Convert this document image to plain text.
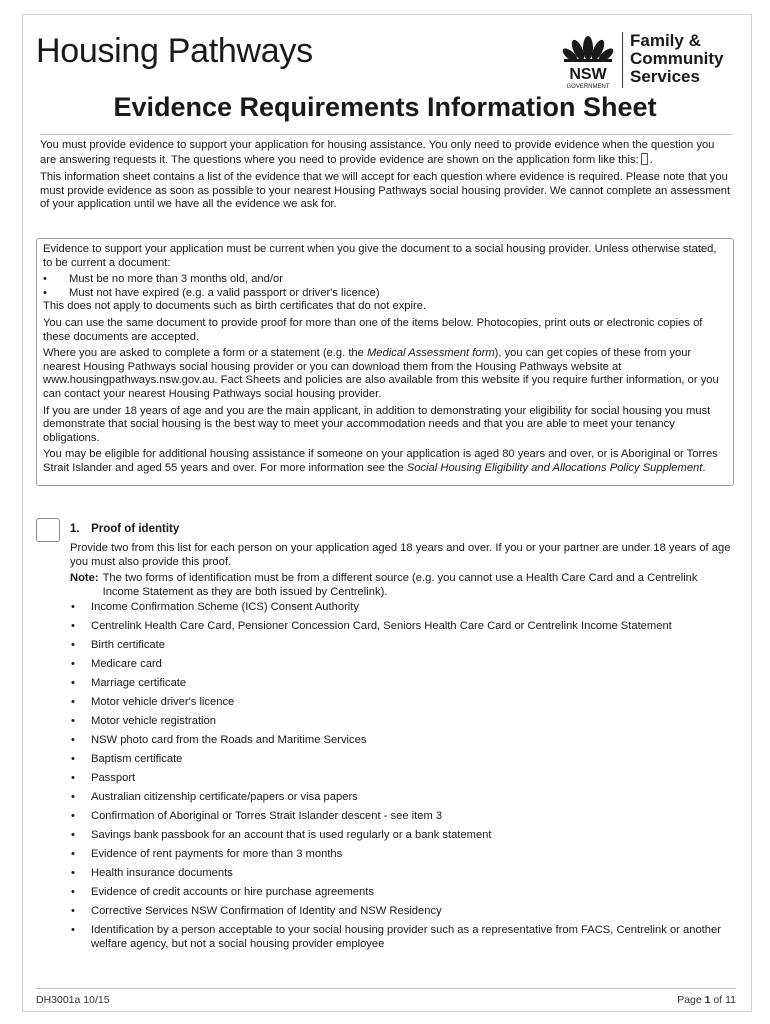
Housing Pathways
NSW
GOVERNMENT
Family &
Community
Services
Evidence Requirements Information Sheet

You must provide evidence to support your application for housing assistance. You only need to provide evidence when the question you are answering requests it. The questions where you need to provide evidence are shown on the application form like this: .

This information sheet contains a list of the evidence that we will accept for each question where evidence is required. Please note that you must provide evidence as soon as possible to your nearest Housing Pathways social housing provider. We cannot complete an assessment of your application until we have all the evidence we ask for.

Evidence to support your application must be current when you give the document to a social housing provider. Unless otherwise stated, to be current a document:

• Must be no more than 3 months old, and/or
• Must not have expired (e.g. a valid passport or driver's licence)

This does not apply to documents such as birth certificates that do not expire.

You can use the same document to provide proof for more than one of the items below. Photocopies, print outs or electronic copies of these documents are accepted.

Where you are asked to complete a form or a statement (e.g. the Medical Assessment form), you can get copies of these from your nearest Housing Pathways social housing provider or you can download them from the Housing Pathways website at www.housingpathways.nsw.gov.au. Fact Sheets and policies are also available from this website if you require further information, or you can contact your nearest Housing Pathways social housing provider.

If you are under 18 years of age and you are the main applicant, in addition to demonstrating your eligibility for social housing you must demonstrate that social housing is the best way to meet your accommodation needs and that you are able to meet your tenancy obligations.

You may be eligible for additional housing assistance if someone on your application is aged 80 years and over, or is Aboriginal or Torres Strait Islander and aged 55 years and over. For more information see the Social Housing Eligibility and Allocations Policy Supplement.

1. Proof of identity

Provide two from this list for each person on your application aged 18 years and over. If you or your partner are under 18 years of age you must also provide this proof.

Note: The two forms of identification must be from a different source (e.g. you cannot use a Health Care Card and a Centrelink Income Statement as they are both issued by Centrelink).
• Income Confirmation Scheme (ICS) Consent Authority
• Centrelink Health Care Card, Pensioner Concession Card, Seniors Health Care Card or Centrelink Income Statement
• Birth certificate
• Medicare card
• Marriage certificate
• Motor vehicle driver's licence
• Motor vehicle registration
• NSW photo card from the Roads and Maritime Services
• Baptism certificate
• Passport
• Australian citizenship certificate/papers or visa papers
• Confirmation of Aboriginal or Torres Strait Islander descent - see item 3
• Savings bank passbook for an account that is used regularly or a bank statement
• Evidence of rent payments for more than 3 months
• Health insurance documents
• Evidence of credit accounts or hire purchase agreements
• Corrective Services NSW Confirmation of Identity and NSW Residency
• Identification by a person acceptable to your social housing provider such as a representative from FACS, Centrelink or another welfare agency, but not a social housing provider employee
DH3001a 10/15	Page 1 of 11
